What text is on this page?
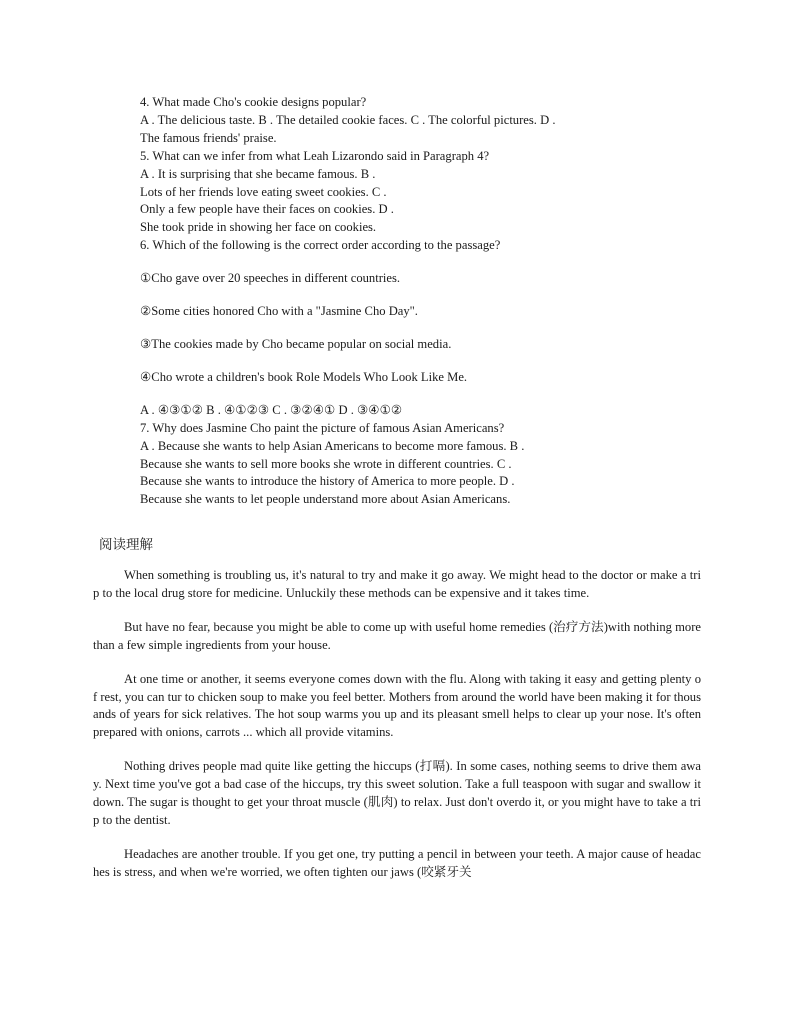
4. What made Cho's cookie designs popular?
A . The delicious taste. B . The detailed cookie faces. C . The colorful pictures. D .
The famous friends' praise.
5. What can we infer from what Leah Lizarondo said in Paragraph 4?
A . It is surprising that she became famous. B .
Lots of her friends love eating sweet cookies. C .
Only a few people have their faces on cookies. D .
She took pride in showing her face on cookies.
6. Which of the following is the correct order according to the passage?
①Cho gave over 20 speeches in different countries.
②Some cities honored Cho with a "Jasmine Cho Day".
③The cookies made by Cho became popular on social media.
④Cho wrote a children's book Role Models Who Look Like Me.
A . ④③①② B . ④①②③ C . ③②④① D . ③④①②
7. Why does Jasmine Cho paint the picture of famous Asian Americans?
A . Because she wants to help Asian Americans to become more famous. B .
Because she wants to sell more books she wrote in different countries. C .
Because she wants to introduce the history of America to more people. D .
Because she wants to let people understand more about Asian Americans.
阅读理解

When something is troubling us, it's natural to try and make it go away. We might head to the doctor or make a trip to the local drug store for medicine. Unluckily these methods can be expensive and it takes time.

But have no fear, because you might be able to come up with useful home remedies (治疗方法)with nothing more than a few simple ingredients from your house.

At one time or another, it seems everyone comes down with the flu. Along with taking it easy and getting plenty of rest, you can tur to chicken soup to make you feel better. Mothers from around the world have been making it for thousands of years for sick relatives. The hot soup warms you up and its pleasant smell helps to clear up your nose. It's often prepared with onions, carrots ... which all provide vitamins.

Nothing drives people mad quite like getting the hiccups (打嗝). In some cases, nothing seems to drive them away. Next time you've got a bad case of the hiccups, try this sweet solution. Take a full teaspoon with sugar and swallow it down. The sugar is thought to get your throat muscle (肌肉) to relax. Just don't overdo it, or you might have to take a trip to the dentist.

Headaches are another trouble. If you get one, try putting a pencil in between your teeth. A major cause of headaches is stress, and when we're worried, we often tighten our jaws (咬紧牙关
